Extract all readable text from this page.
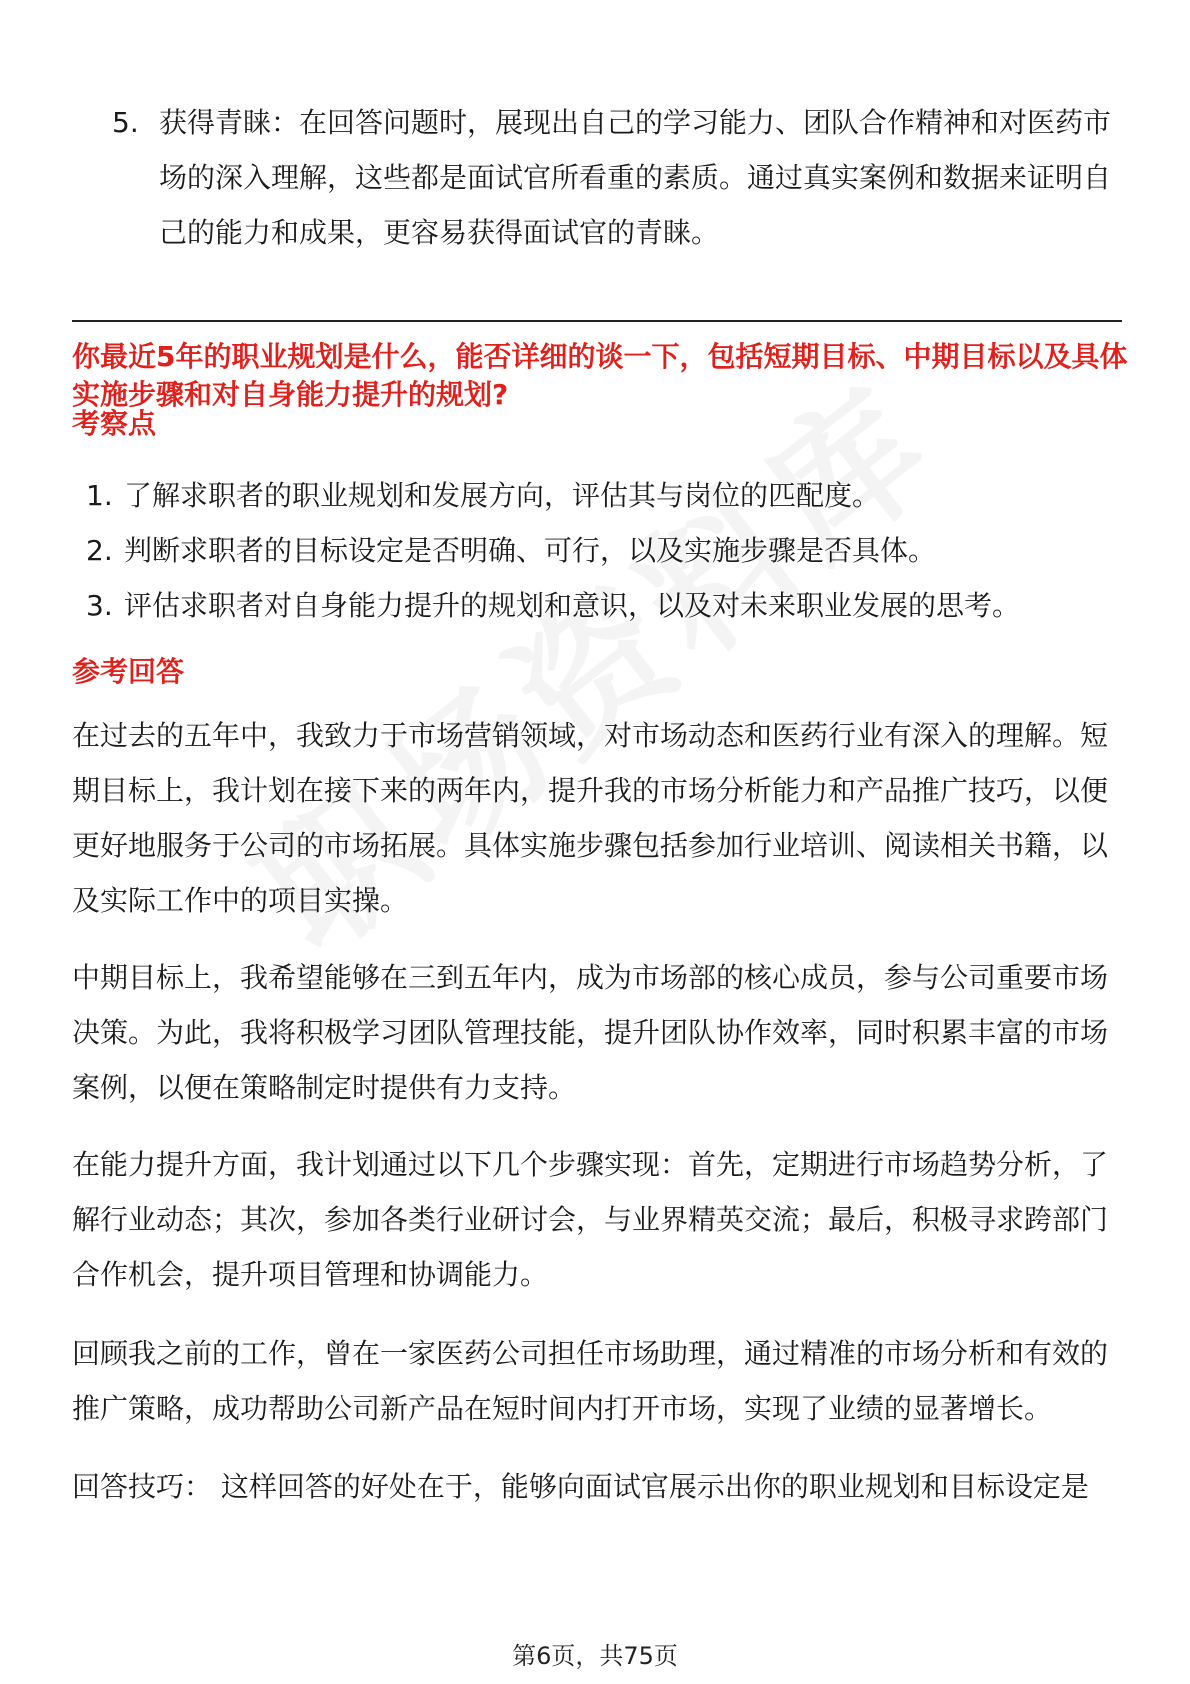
5. 获得青睐：在回答问题时，展现出自己的学习能力、团队合作精神和对医药市场的深入理解，这些都是面试官所看重的素质。通过真实案例和数据来证明自己的能力和成果，更容易获得面试官的青睐。
你最近5年的职业规划是什么，能否详细的谈一下，包括短期目标、中期目标以及具体实施步骤和对自身能力提升的规划?
考察点
1. 了解求职者的职业规划和发展方向，评估其与岗位的匹配度。
2. 判断求职者的目标设定是否明确、可行，以及实施步骤是否具体。
3. 评估求职者对自身能力提升的规划和意识，以及对未来职业发展的思考。
参考回答
在过去的五年中，我致力于市场营销领域，对市场动态和医药行业有深入的理解。短期目标上，我计划在接下来的两年内，提升我的市场分析能力和产品推广技巧，以便更好地服务于公司的市场拓展。具体实施步骤包括参加行业培训、阅读相关书籍，以及实际工作中的项目实操。
中期目标上，我希望能够在三到五年内，成为市场部的核心成员，参与公司重要市场决策。为此，我将积极学习团队管理技能，提升团队协作效率，同时积累丰富的市场案例，以便在策略制定时提供有力支持。
在能力提升方面，我计划通过以下几个步骤实现：首先，定期进行市场趋势分析，了解行业动态；其次，参加各类行业研讨会，与业界精英交流；最后，积极寻求跨部门合作机会，提升项目管理和协调能力。
回顾我之前的工作，曾在一家医药公司担任市场助理，通过精准的市场分析和有效的推广策略，成功帮助公司新产品在短时间内打开市场，实现了业绩的显著增长。
回答技巧： 这样回答的好处在于，能够向面试官展示出你的职业规划和目标设定是
第6页，共75页
